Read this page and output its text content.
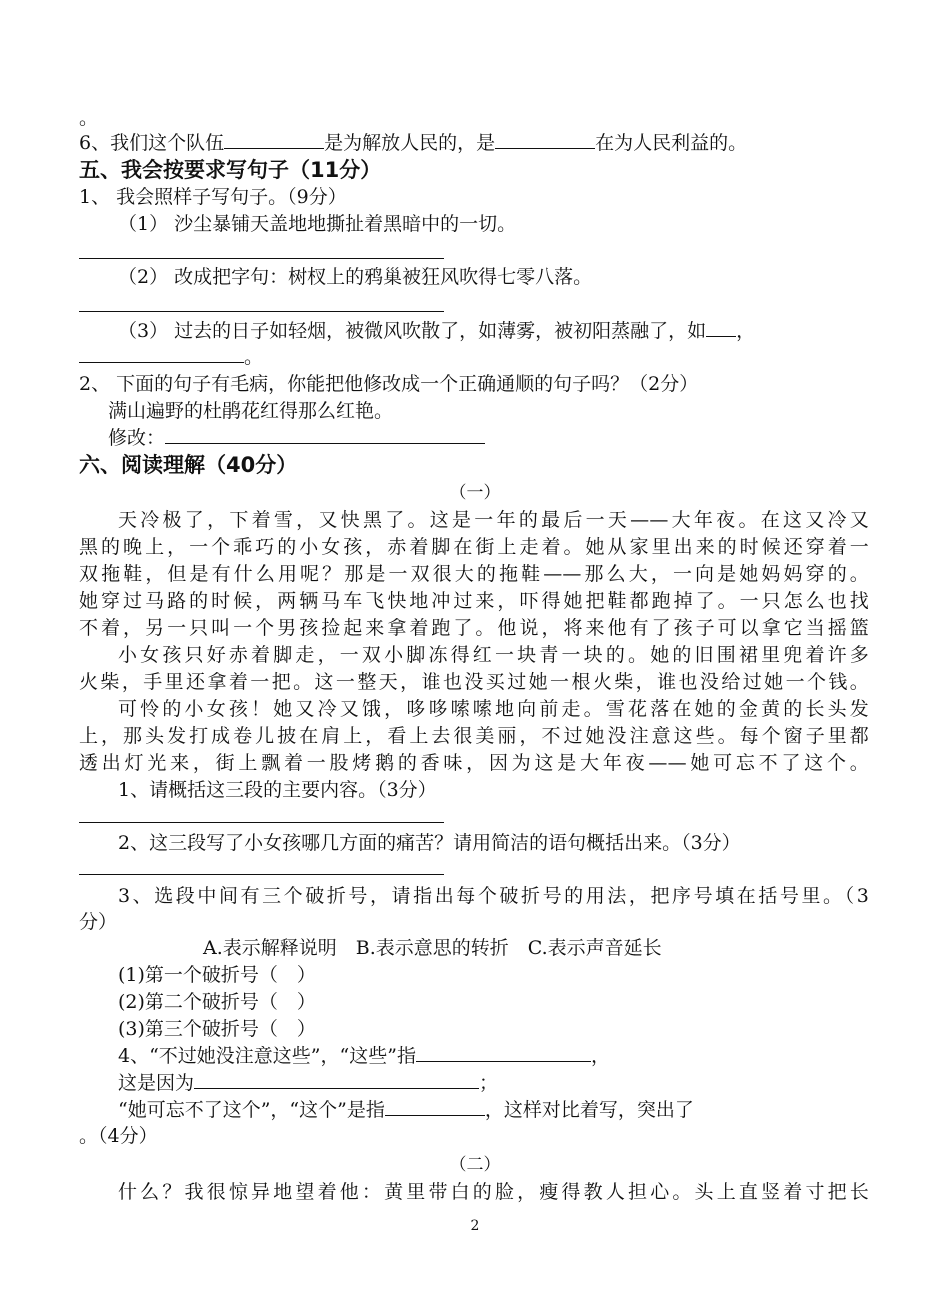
。
6、我们这个队伍	是为解放人民的，是	在为人民利益的。
五、我会按要求写句子（11分）
1、 我会照样子写句子。（9分）
（1） 沙尘暴铺天盖地地撕扯着黑暗中的一切。
（2） 改成把字句：树杈上的鸦巢被狂风吹得七零八落。
（3） 过去的日子如轻烟，被微风吹散了，如薄雾，被初阳蒸融了，如 ，
。
2、 下面的句子有毛病，你能把他修改成一个正确通顺的句子吗？（2分）
满山遍野的杜鹃花红得那么红艳。
修改：
六、阅读理解（40分）
（一）
天冷极了，下着雪，又快黑了。这是一年的最后一天——大年夜。在这又冷又
黑的晚上，一个乖巧的小女孩，赤着脚在街上走着。她从家里出来的时候还穿着一
双拖鞋，但是有什么用呢？那是一双很大的拖鞋——那么大，一向是她妈妈穿的。
她穿过马路的时候，两辆马车飞快地冲过来，吓得她把鞋都跑掉了。一只怎么也找
不着，另一只叫一个男孩捡起来拿着跑了。他说，将来他有了孩子可以拿它当摇篮
小女孩只好赤着脚走，一双小脚冻得红一块青一块的。她的旧围裙里兜着许多
火柴，手里还拿着一把。这一整天，谁也没买过她一根火柴，谁也没给过她一个钱。
可怜的小女孩！她又冷又饿，哆哆嗦嗦地向前走。雪花落在她的金黄的长头发
上，那头发打成卷儿披在肩上，看上去很美丽，不过她没注意这些。每个窗子里都
透出灯光来，街上飘着一股烤鹅的香味，因为这是大年夜——她可忘不了这个。
1、请概括这三段的主要内容。（3分）
2、这三段写了小女孩哪几方面的痛苦？请用简洁的语句概括出来。（3分）
3、选段中间有三个破折号，请指出每个破折号的用法，把序号填在括号里。（3
分）
A.表示解释说明　B.表示意思的转折　C.表示声音延长
(1)第一个破折号（　）
(2)第二个破折号（　）
(3)第三个破折号（　）
4、“不过她没注意这些”，“这些”指	，
这是因为	；
“她可忘不了这个”，“这个”是指	，这样对比着写，突出了
。（4分）
（二）
什么？我很惊异地望着他：黄里带白的脸，瘦得教人担心。头上直竖着寸把长
2
